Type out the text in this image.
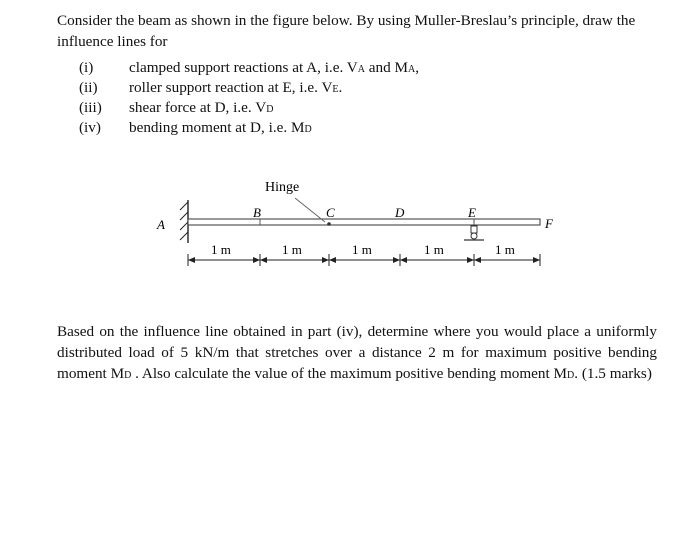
Consider the beam as shown in the figure below. By using Muller-Breslau’s principle, draw the influence lines for

(i) clamped support reactions at A, i.e. VA and MA,
(ii) roller support reaction at E, i.e. VE.
(iii) shear force at D, i.e. VD
(iv) bending moment at D, i.e. MD
A
Hinge
B	C	D	E
F
1 m	1 m	1 m	1 m	1 m

Based on the influence line obtained in part (iv), determine where you would place a uniformly distributed load of 5 kN/m that stretches over a distance 2 m for maximum positive bending moment MD . Also calculate the value of the maximum positive bending moment MD. (1.5 marks)
